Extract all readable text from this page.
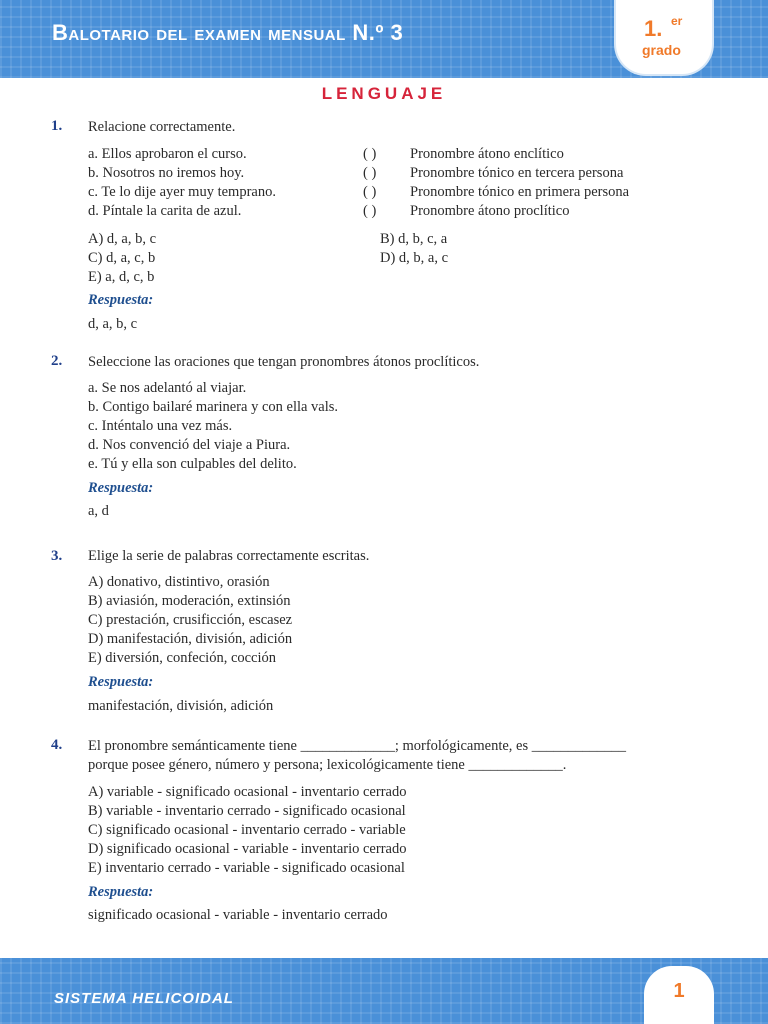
Balotario del examen mensual N.º 3	1. er
grado
LENGUAJE
1. Relacione correctamente.
a. Ellos aprobaron el curso.	( ) Pronombre átono enclítico
b. Nosotros no iremos hoy.	( ) Pronombre tónico en tercera persona
c. Te lo dije ayer muy temprano.	( ) Pronombre tónico en primera persona
d. Píntale la carita de azul.	( ) Pronombre átono proclítico
A) d, a, b, c	B) d, b, c, a
C) d, a, c, b	D) d, b, a, c
E) a, d, c, b
Respuesta:
d, a, b, c
2. Seleccione las oraciones que tengan pronombres átonos proclíticos.
a. Se nos adelantó al viajar.
b. Contigo bailaré marinera y con ella vals.
c. Inténtalo una vez más.
d. Nos convenció del viaje a Piura.
e. Tú y ella son culpables del delito.
Respuesta:
a, d
3. Elige la serie de palabras correctamente escritas.
A) donativo, distintivo, orasión
B) aviasión, moderación, extinsión
C) prestación, crusificción, escasez
D) manifestación, división, adición
E) diversión, confeción, cocción
Respuesta:
manifestación, división, adición
4. El pronombre semánticamente tiene _____________; morfológicamente, es _____________
porque posee género, número y persona; lexicológicamente tiene _____________.
A) variable - significado ocasional - inventario cerrado
B) variable - inventario cerrado - significado ocasional
C) significado ocasional - inventario cerrado - variable
D) significado ocasional - variable - inventario cerrado
E) inventario cerrado - variable - significado ocasional
Respuesta:
significado ocasional - variable - inventario cerrado
SISTEMA HELICOIDAL	1
